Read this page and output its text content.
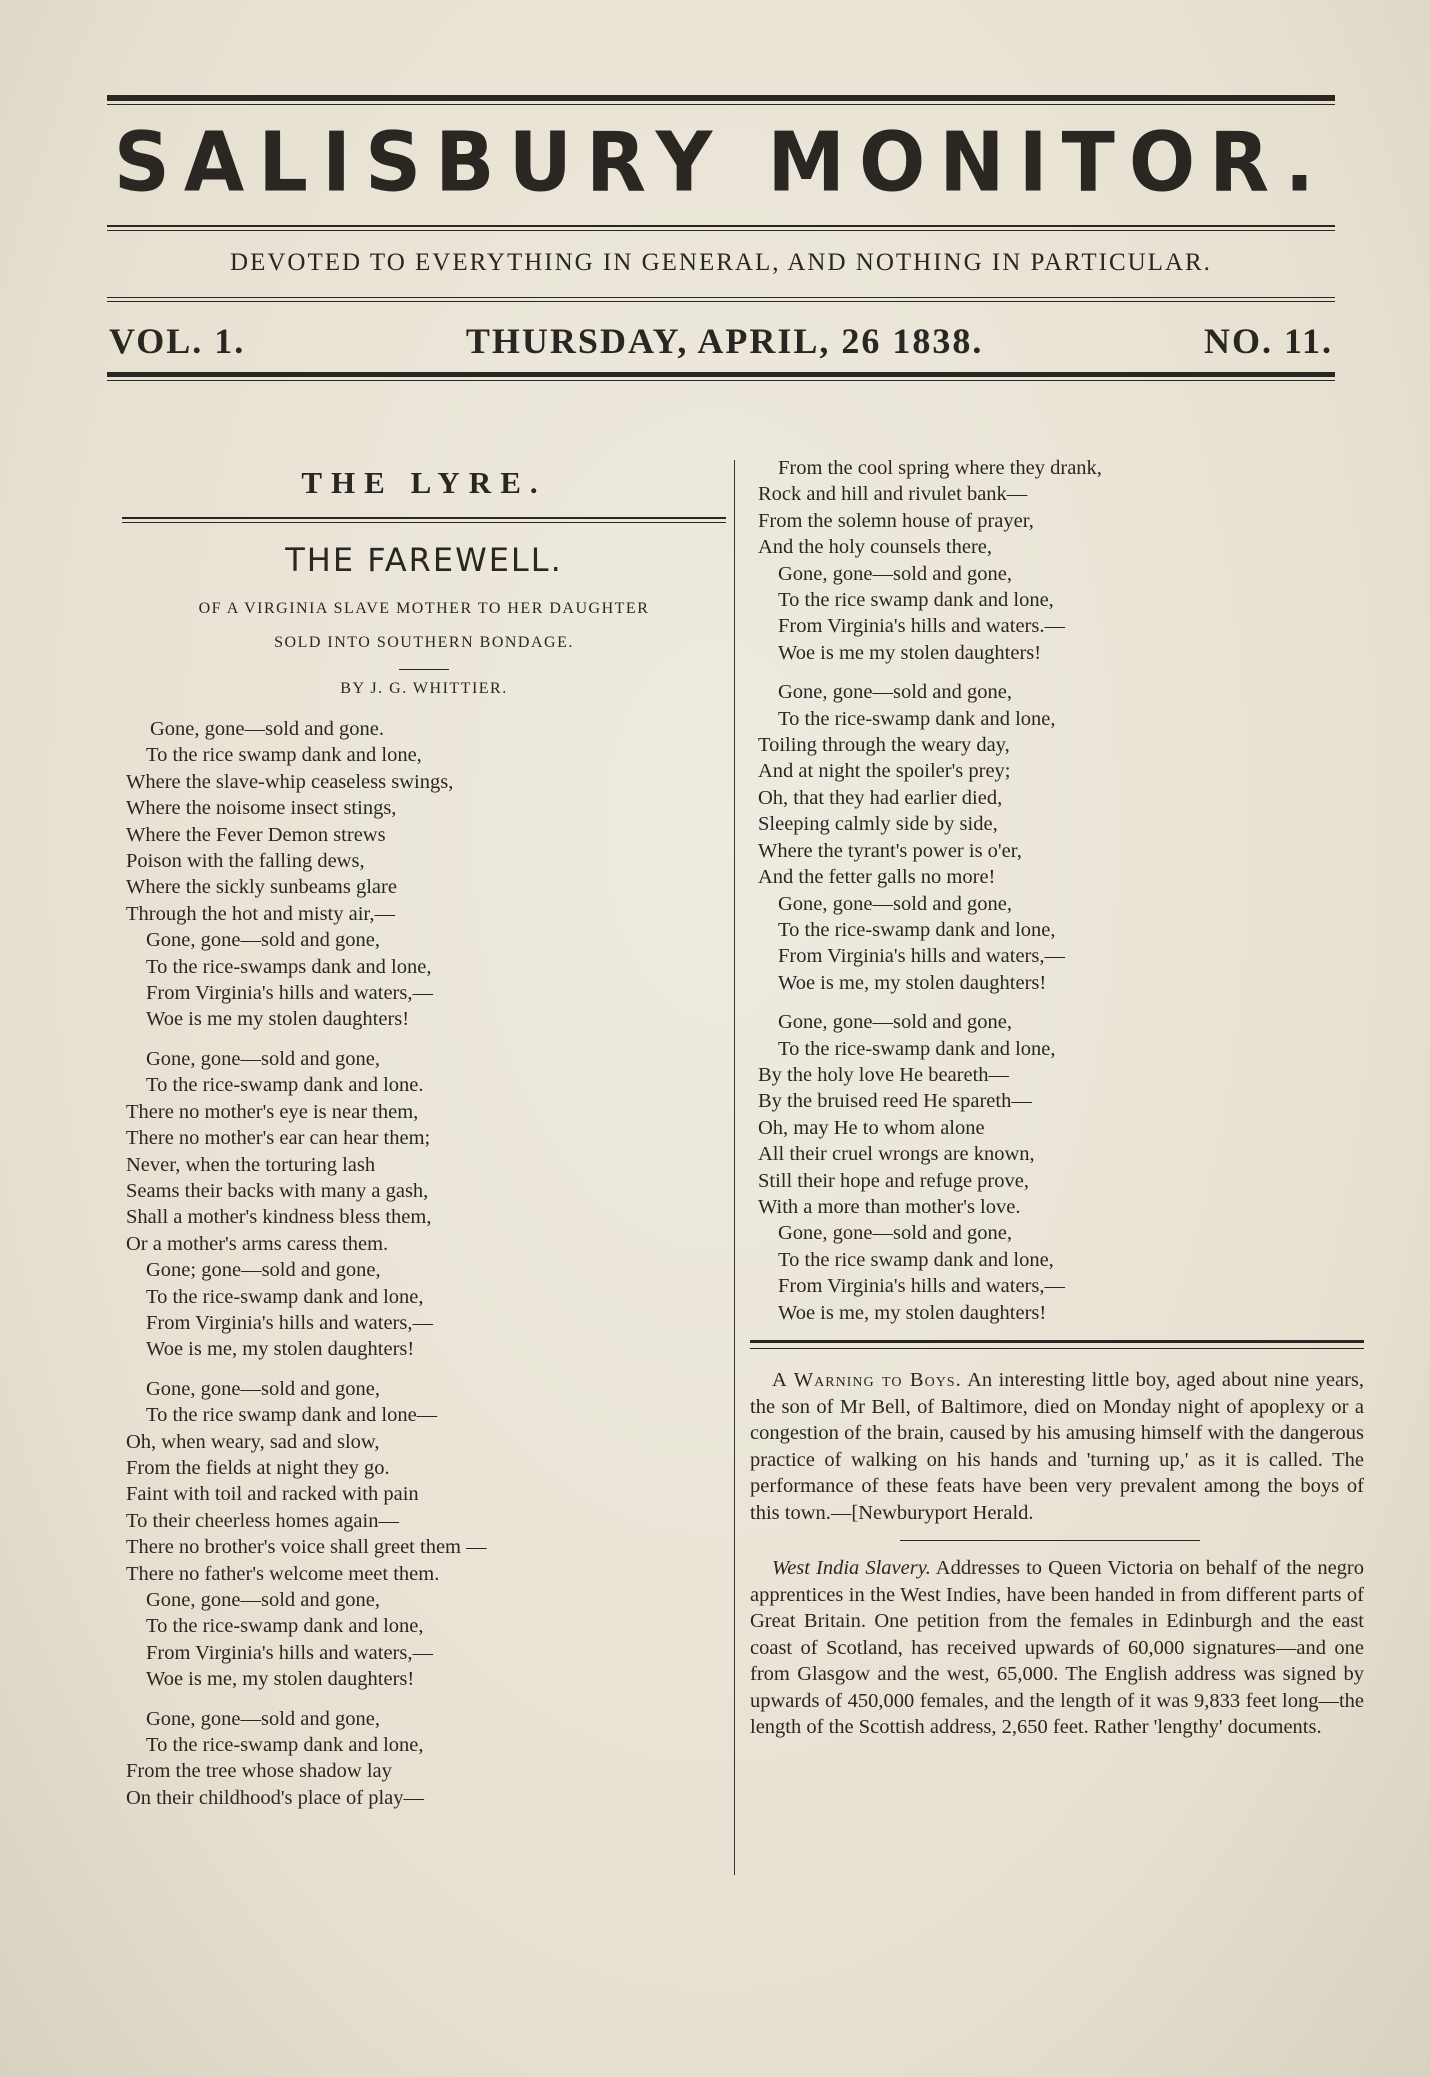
SALISBURY MONITOR.
DEVOTED TO EVERYTHING IN GENERAL, AND NOTHING IN PARTICULAR.
VOL. 1.	THURSDAY, APRIL, 26 1838.	NO. 11.
THE LYRE.
THE FAREWELL.
OF A VIRGINIA SLAVE MOTHER TO HER DAUGHTER
SOLD INTO SOUTHERN BONDAGE.
BY J. G. WHITTIER.
Gone, gone—sold and gone.
To the rice swamp dank and lone,
Where the slave-whip ceaseless swings,
Where the noisome insect stings,
Where the Fever Demon strews
Poison with the falling dews,
Where the sickly sunbeams glare
Through the hot and misty air,—
Gone, gone—sold and gone,
To the rice-swamps dank and lone,
From Virginia's hills and waters,—
Woe is me my stolen daughters!
Gone, gone—sold and gone,
To the rice-swamp dank and lone.
There no mother's eye is near them,
There no mother's ear can hear them;
Never, when the torturing lash
Seams their backs with many a gash,
Shall a mother's kindness bless them,
Or a mother's arms caress them.
Gone; gone—sold and gone,
To the rice-swamp dank and lone,
From Virginia's hills and waters,—
Woe is me, my stolen daughters!
Gone, gone—sold and gone,
To the rice swamp dank and lone—
Oh, when weary, sad and slow,
From the fields at night they go.
Faint with toil and racked with pain
To their cheerless homes again—
There no brother's voice shall greet them —
There no father's welcome meet them.
Gone, gone—sold and gone,
To the rice-swamp dank and lone,
From Virginia's hills and waters,—
Woe is me, my stolen daughters!
Gone, gone—sold and gone,
To the rice-swamp dank and lone,
From the tree whose shadow lay
On their childhood's place of play—
From the cool spring where they drank,
Rock and hill and rivulet bank—
From the solemn house of prayer,
And the holy counsels there,
Gone, gone—sold and gone,
To the rice swamp dank and lone,
From Virginia's hills and waters.—
Woe is me my stolen daughters!
Gone, gone—sold and gone,
To the rice-swamp dank and lone,
Toiling through the weary day,
And at night the spoiler's prey;
Oh, that they had earlier died,
Sleeping calmly side by side,
Where the tyrant's power is o'er,
And the fetter galls no more!
Gone, gone—sold and gone,
To the rice-swamp dank and lone,
From Virginia's hills and waters,—
Woe is me, my stolen daughters!
Gone, gone—sold and gone,
To the rice-swamp dank and lone,
By the holy love He beareth—
By the bruised reed He spareth—
Oh, may He to whom alone
All their cruel wrongs are known,
Still their hope and refuge prove,
With a more than mother's love.
Gone, gone—sold and gone,
To the rice swamp dank and lone,
From Virginia's hills and waters,—
Woe is me, my stolen daughters!

A Warning to Boys. An interesting little boy, aged about nine years, the son of Mr Bell, of Baltimore, died on Monday night of apoplexy or a congestion of the brain, caused by his amusing himself with the dangerous practice of walking on his hands and 'turning up,' as it is called. The performance of these feats have been very prevalent among the boys of this town.—[Newburyport Herald.

West India Slavery. Addresses to Queen Victoria on behalf of the negro apprentices in the West Indies, have been handed in from different parts of Great Britain. One petition from the females in Edinburgh and the east coast of Scotland, has received upwards of 60,000 signatures—and one from Glasgow and the west, 65,000. The English address was signed by upwards of 450,000 females, and the length of it was 9,833 feet long—the length of the Scottish address, 2,650 feet. Rather 'lengthy' documents.
